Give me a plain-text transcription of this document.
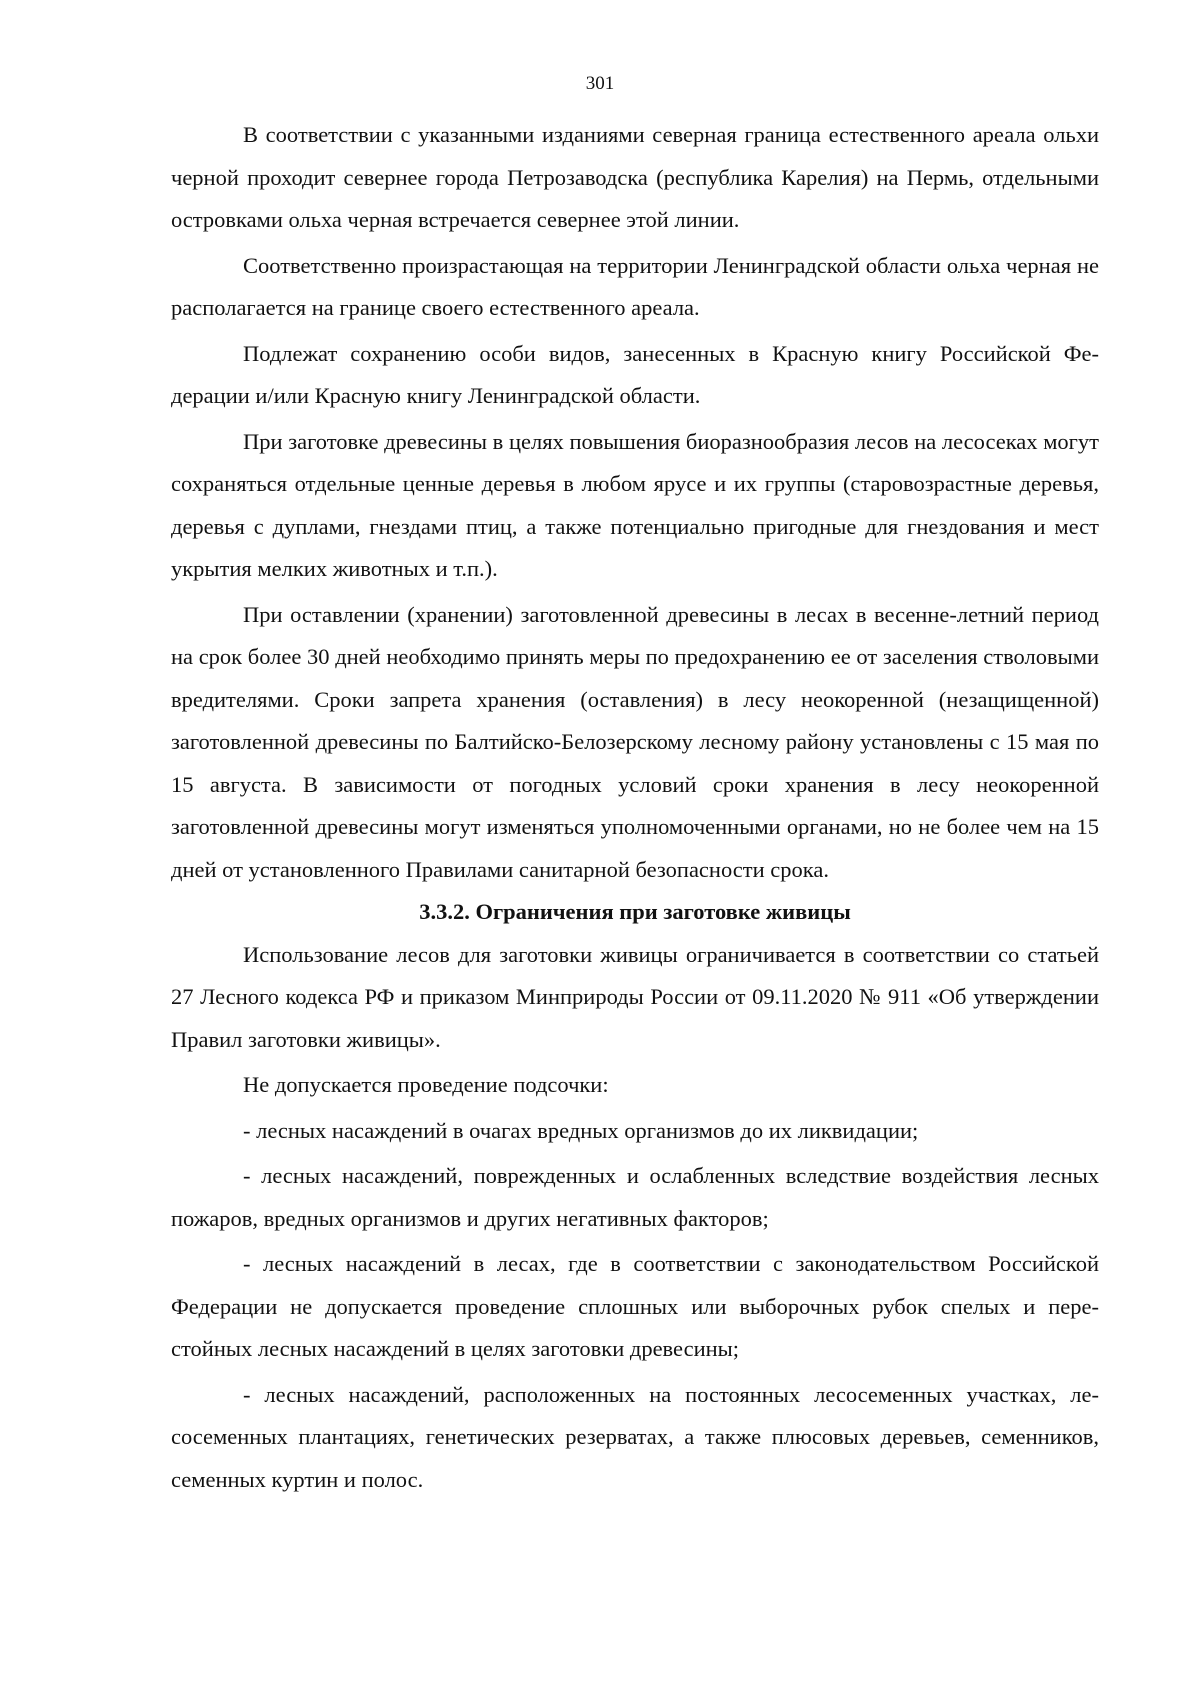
301

В соответствии с указанными изданиями северная граница естественного ареала ольхи черной проходит севернее города Петрозаводска (республика Карелия) на Пермь, отдельными островками ольха черная встречается севернее этой линии.

Соответственно произрастающая на территории Ленинградской области ольха черная не располагается на границе своего естественного ареала.

Подлежат сохранению особи видов, занесенных в Красную книгу Российской Федерации и/или Красную книгу Ленинградской области.

При заготовке древесины в целях повышения биоразнообразия лесов на лесосеках могут сохраняться отдельные ценные деревья в любом ярусе и их группы (старовозрастные деревья, деревья с дуплами, гнездами птиц, а также потенциально пригодные для гнездования и мест укрытия мелких животных и т.п.).

При оставлении (хранении) заготовленной древесины в лесах в весенне-летний период на срок более 30 дней необходимо принять меры по предохранению ее от заселения стволовыми вредителями. Сроки запрета хранения (оставления) в лесу неокоренной (незащищенной) заготовленной древесины по Балтийско-Белозерскому лесному району установлены с 15 мая по 15 августа. В зависимости от погодных условий сроки хранения в лесу неокоренной заготовленной древесины могут изменяться уполномоченными органами, но не более чем на 15 дней от установленного Правилами санитарной безопасности срока.

3.3.2. Ограничения при заготовке живицы

Использование лесов для заготовки живицы ограничивается в соответствии со статьей 27 Лесного кодекса РФ и приказом Минприроды России от 09.11.2020 № 911 «Об утверждении Правил заготовки живицы».

Не допускается проведение подсочки:

- лесных насаждений в очагах вредных организмов до их ликвидации;

- лесных насаждений, поврежденных и ослабленных вследствие воздействия лесных пожаров, вредных организмов и других негативных факторов;

- лесных насаждений в лесах, где в соответствии с законодательством Российской Федерации не допускается проведение сплошных или выборочных рубок спелых и перестойных лесных насаждений в целях заготовки древесины;

- лесных насаждений, расположенных на постоянных лесосеменных участках, лесосеменных плантациях, генетических резерватах, а также плюсовых деревьев, семенников, семенных куртин и полос.
